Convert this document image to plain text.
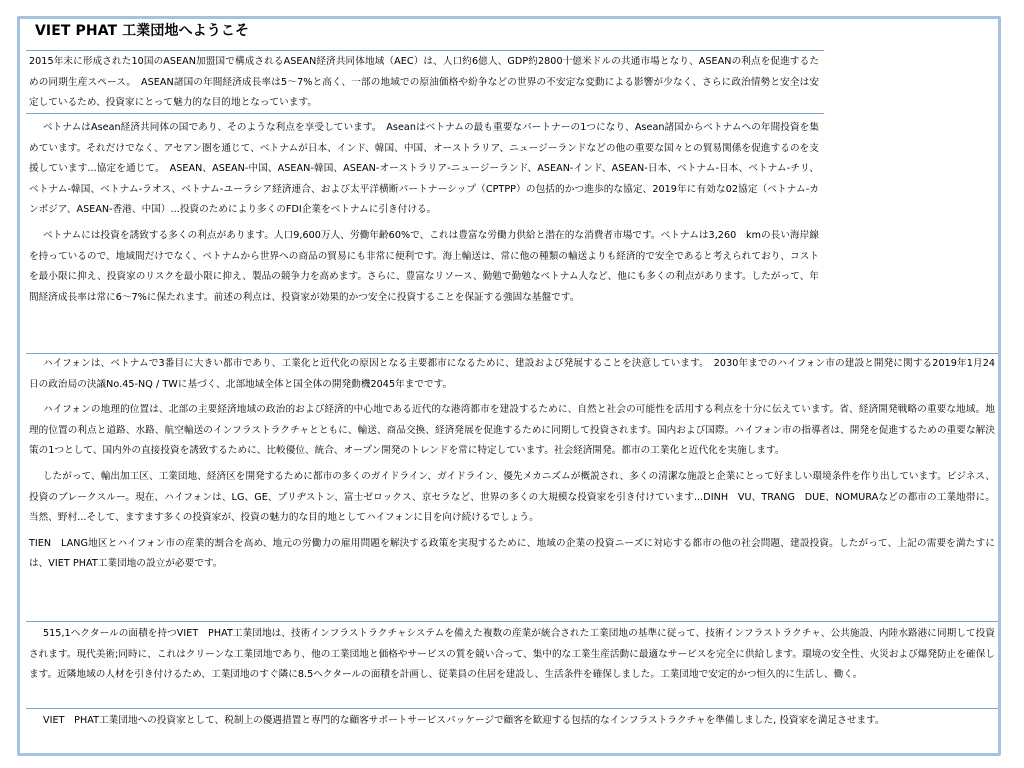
VIET PHAT 工業団地へようこそ

2015年末に形成された10国のASEAN加盟国で構成されるASEAN経済共同体地域（AEC）は、人口約6億人、GDP約2800十億米ドルの共通市場となり、ASEANの利点を促進するための同期生産スペース。　ASEAN諸国の年間経済成長率は5～7%と高く、一部の地域での原油価格や紛争などの世界の不安定な変動による影響が少なく、さらに政治情勢と安全は安定しているため、投資家にとって魅力的な目的地となっています。

ベトナムはAsean経済共同体の国であり、そのような利点を享受しています。　Aseanはベトナムの最も重要なパートナーの1つになり、Asean諸国からベトナムへの年間投資を集めています。それだけでなく、アセアン圏を通じて、ベトナムが日本、インド、韓国、中国、オーストラリア、ニュージーランドなどの他の重要な国々との貿易関係を促進するのを支援しています...協定を通じて。　ASEAN、ASEAN-中国、ASEAN-韓国、ASEAN-オーストラリア-ニュージーランド、ASEAN-インド、ASEAN-日本、ベトナム-日本、ベトナム-チリ、ベトナム-韓国、ベトナム-ラオス、ベトナム-ユーラシア経済連合、および太平洋横断パートナーシップ（CPTPP）の包括的かつ進歩的な協定、2019年に有効な02協定（ベトナム-カンボジア、ASEAN-香港、中国）...投資のためにより多くのFDI企業をベトナムに引き付ける。

ベトナムには投資を誘致する多くの利点があります。人口9,600万人、労働年齢60%で、これは豊富な労働力供給と潜在的な消費者市場です。ベトナムは3,260　kmの長い海岸線を持っているので、地域間だけでなく、ベトナムから世界への商品の貿易にも非常に便利です。海上輸送は、常に他の種類の輸送よりも経済的で安全であると考えられており、コストを最小限に抑え、投資家のリスクを最小限に抑え、製品の競争力を高めます。さらに、豊富なリソース、勤勉で勤勉なベトナム人など、他にも多くの利点があります。したがって、年間経済成長率は常に6～7%に保たれます。前述の利点は、投資家が効果的かつ安全に投資することを保証する強固な基盤です。

ハイフォンは、ベトナムで3番目に大きい都市であり、工業化と近代化の原因となる主要都市になるために、建設および発展することを決意しています。　2030年までのハイフォン市の建設と開発に関する2019年1月24日の政治局の決議No.45-NQ / TWに基づく、北部地域全体と国全体の開発動機2045年までです。

ハイフォンの地理的位置は、北部の主要経済地域の政治的および経済的中心地である近代的な港湾都市を建設するために、自然と社会の可能性を活用する利点を十分に伝えています。省、経済開発戦略の重要な地域。地理的位置の利点と道路、水路、航空輸送のインフラストラクチャとともに、輸送、商品交換、経済発展を促進するために同期して投資されます。国内および国際。ハイフォン市の指導者は、開発を促進するための重要な解決策の1つとして、国内外の直接投資を誘致するために、比較優位、統合、オープン開発のトレンドを常に特定しています。社会経済開発。都市の工業化と近代化を実施します。

したがって、輸出加工区、工業団地、経済区を開発するために都市の多くのガイドライン、ガイドライン、優先メカニズムが概説され、多くの清潔な施設と企業にとって好ましい環境条件を作り出しています。ビジネス、投資のブレークスルー。現在、ハイフォンは、LG、GE、ブリヂストン、富士ゼロックス、京セラなど、世界の多くの大規模な投資家を引き付けています...DINH　VU、TRANG　DUE、NOMURAなどの都市の工業地帯に。当然、野村...そして、ますます多くの投資家が、投資の魅力的な目的地としてハイフォンに目を向け続けるでしょう。

TIEN　LANG地区とハイフォン市の産業的割合を高め、地元の労働力の雇用問題を解決する政策を実現するために、地域の企業の投資ニーズに対応する都市の他の社会問題、建設投資。したがって、上記の需要を満たすには、VIET PHAT工業団地の設立が必要です。

515,1ヘクタールの面積を持つVIET　PHAT工業団地は、技術インフラストラクチャシステムを備えた複数の産業が統合された工業団地の基準に従って、技術インフラストラクチャ、公共施設、内陸水路港に同期して投資されます。現代美術;同時に、これはクリーンな工業団地であり、他の工業団地と価格やサービスの質を競い合って、集中的な工業生産活動に最適なサービスを完全に供給します。環境の安全性、火災および爆発防止を確保します。近隣地域の人材を引き付けるため、工業団地のすぐ隣に8.5ヘクタールの面積を計画し、従業員の住居を建設し、生活条件を確保しました。工業団地で安定的かつ恒久的に生活し、働く。

VIET　PHAT工業団地への投資家として、税制上の優遇措置と専門的な顧客サポートサービスパッケージで顧客を歓迎する包括的なインフラストラクチャを準備しました, 投資家を満足させます。
